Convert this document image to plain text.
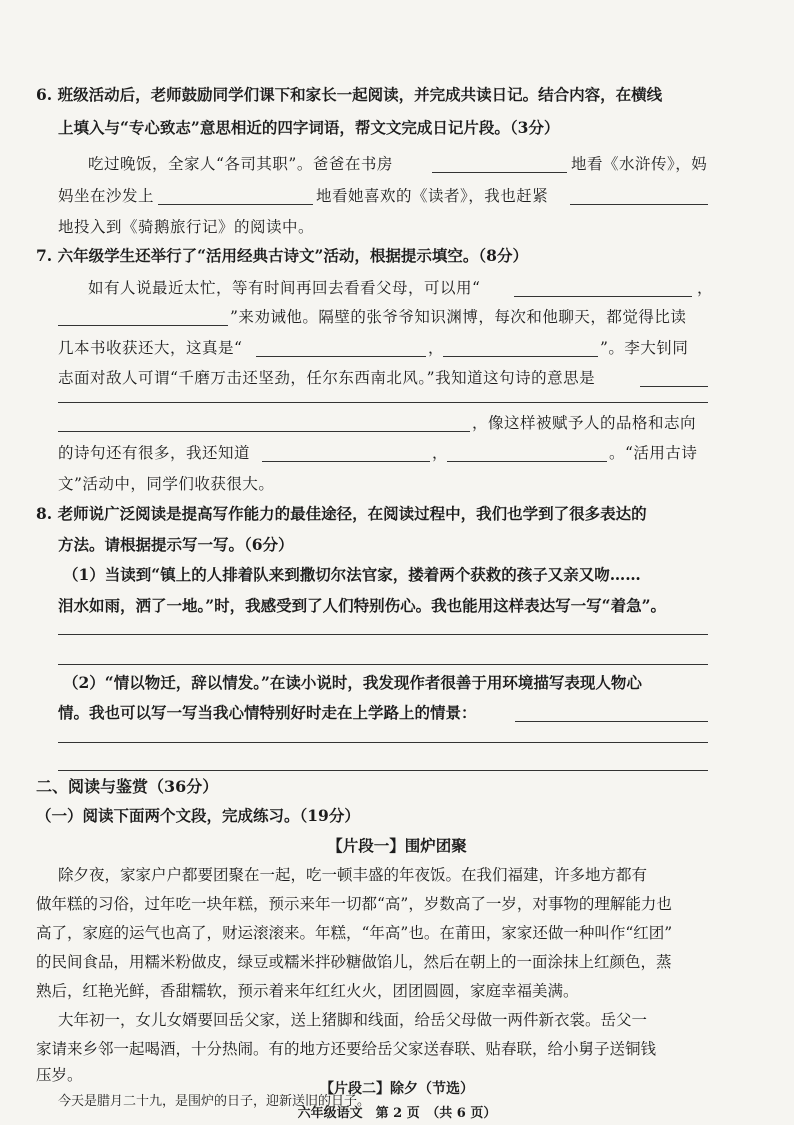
6. 班级活动后，老师鼓励同学们课下和家长一起阅读，并完成共读日记。结合内容，在横线
上填入与“专心致志”意思相近的四字词语，帮文文完成日记片段。（3分）
吃过晚饭，全家人“各司其职”。爸爸在书房	地看《水浒传》，妈
妈坐在沙发上	地看她喜欢的《读者》，我也赶紧
地投入到《骑鹅旅行记》的阅读中。
7. 六年级学生还举行了“活用经典古诗文”活动，根据提示填空。（8分）
如有人说最近太忙，等有时间再回去看看父母，可以用“	，
”来劝诫他。隔壁的张爷爷知识渊博，每次和他聊天，都觉得比读
几本书收获还大，这真是“	，	”。李大钊同
志面对敌人可谓“千磨万击还坚劲，任尔东西南北风。”我知道这句诗的意思是
，像这样被赋予人的品格和志向
的诗句还有很多，我还知道	，	。“活用古诗
文”活动中，同学们收获很大。
8. 老师说广泛阅读是提高写作能力的最佳途径，在阅读过程中，我们也学到了很多表达的
方法。请根据提示写一写。（6分）
（1）当读到“镇上的人排着队来到撒切尔法官家，搂着两个获救的孩子又亲又吻……
泪水如雨，洒了一地。”时，我感受到了人们特别伤心。我也能用这样表达写一写“着急”。
（2）“情以物迁，辞以情发。”在读小说时，我发现作者很善于用环境描写表现人物心
情。我也可以写一写当我心情特别好时走在上学路上的情景：
二、阅读与鉴赏（36分）
（一）阅读下面两个文段，完成练习。（19分）
【片段一】围炉团聚
除夕夜，家家户户都要团聚在一起，吃一顿丰盛的年夜饭。在我们福建，许多地方都有
做年糕的习俗，过年吃一块年糕，预示来年一切都“高”，岁数高了一岁，对事物的理解能力也
高了，家庭的运气也高了，财运滚滚来。年糕，“年高”也。在莆田，家家还做一种叫作“红团”
的民间食品，用糯米粉做皮，绿豆或糯米拌砂糖做馅儿，然后在朝上的一面涂抹上红颜色，蒸
熟后，红艳光鲜，香甜糯软，预示着来年红红火火，团团圆圆，家庭幸福美满。
大年初一，女儿女婿要回岳父家，送上猪脚和线面，给岳父母做一两件新衣裳。岳父一
家请来乡邻一起喝酒，十分热闹。有的地方还要给岳父家送春联、贴春联，给小舅子送铜钱
压岁。
【片段二】除夕（节选）
今天是腊月二十九，是围炉的日子，迎新送旧的日子。
六年级语文　第 2 页　（共 6 页）
